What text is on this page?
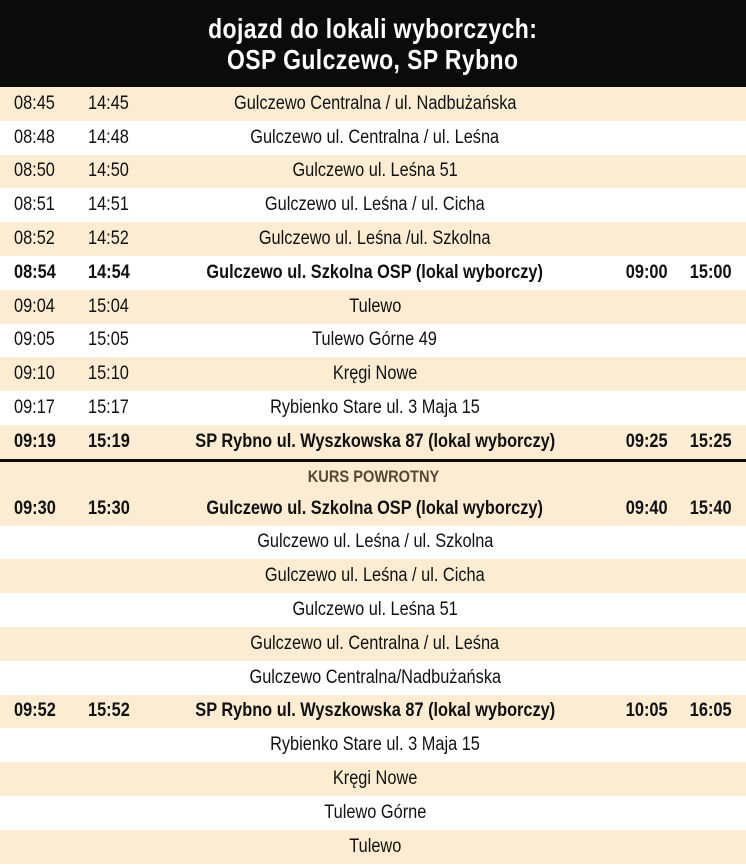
dojazd do lokali wyborczych:
OSP Gulczewo, SP Rybno
08:45 14:45	Gulczewo Centralna / ul. Nadbużańska
08:48 14:48	Gulczewo ul. Centralna / ul. Leśna
08:50 14:50	Gulczewo ul. Leśna 51
08:51 14:51	Gulczewo ul. Leśna / ul. Cicha
08:52 14:52	Gulczewo ul. Leśna /ul. Szkolna
08:54 14:54	Gulczewo ul. Szkolna OSP (lokal wyborczy)	09:00 15:00
09:04 15:04	Tulewo
09:05 15:05	Tulewo Górne 49
09:10 15:10	Kręgi Nowe
09:17 15:17	Rybienko Stare ul. 3 Maja 15
09:19 15:19	SP Rybno ul. Wyszkowska 87 (lokal wyborczy)	09:25 15:25
KURS POWROTNY
09:30 15:30	Gulczewo ul. Szkolna OSP (lokal wyborczy)	09:40 15:40
Gulczewo ul. Leśna / ul. Szkolna
Gulczewo ul. Leśna / ul. Cicha
Gulczewo ul. Leśna 51
Gulczewo ul. Centralna / ul. Leśna
Gulczewo Centralna/Nadbużańska
09:52 15:52	SP Rybno ul. Wyszkowska 87 (lokal wyborczy)	10:05 16:05
Rybienko Stare ul. 3 Maja 15
Kręgi Nowe
Tulewo Górne
Tulewo
